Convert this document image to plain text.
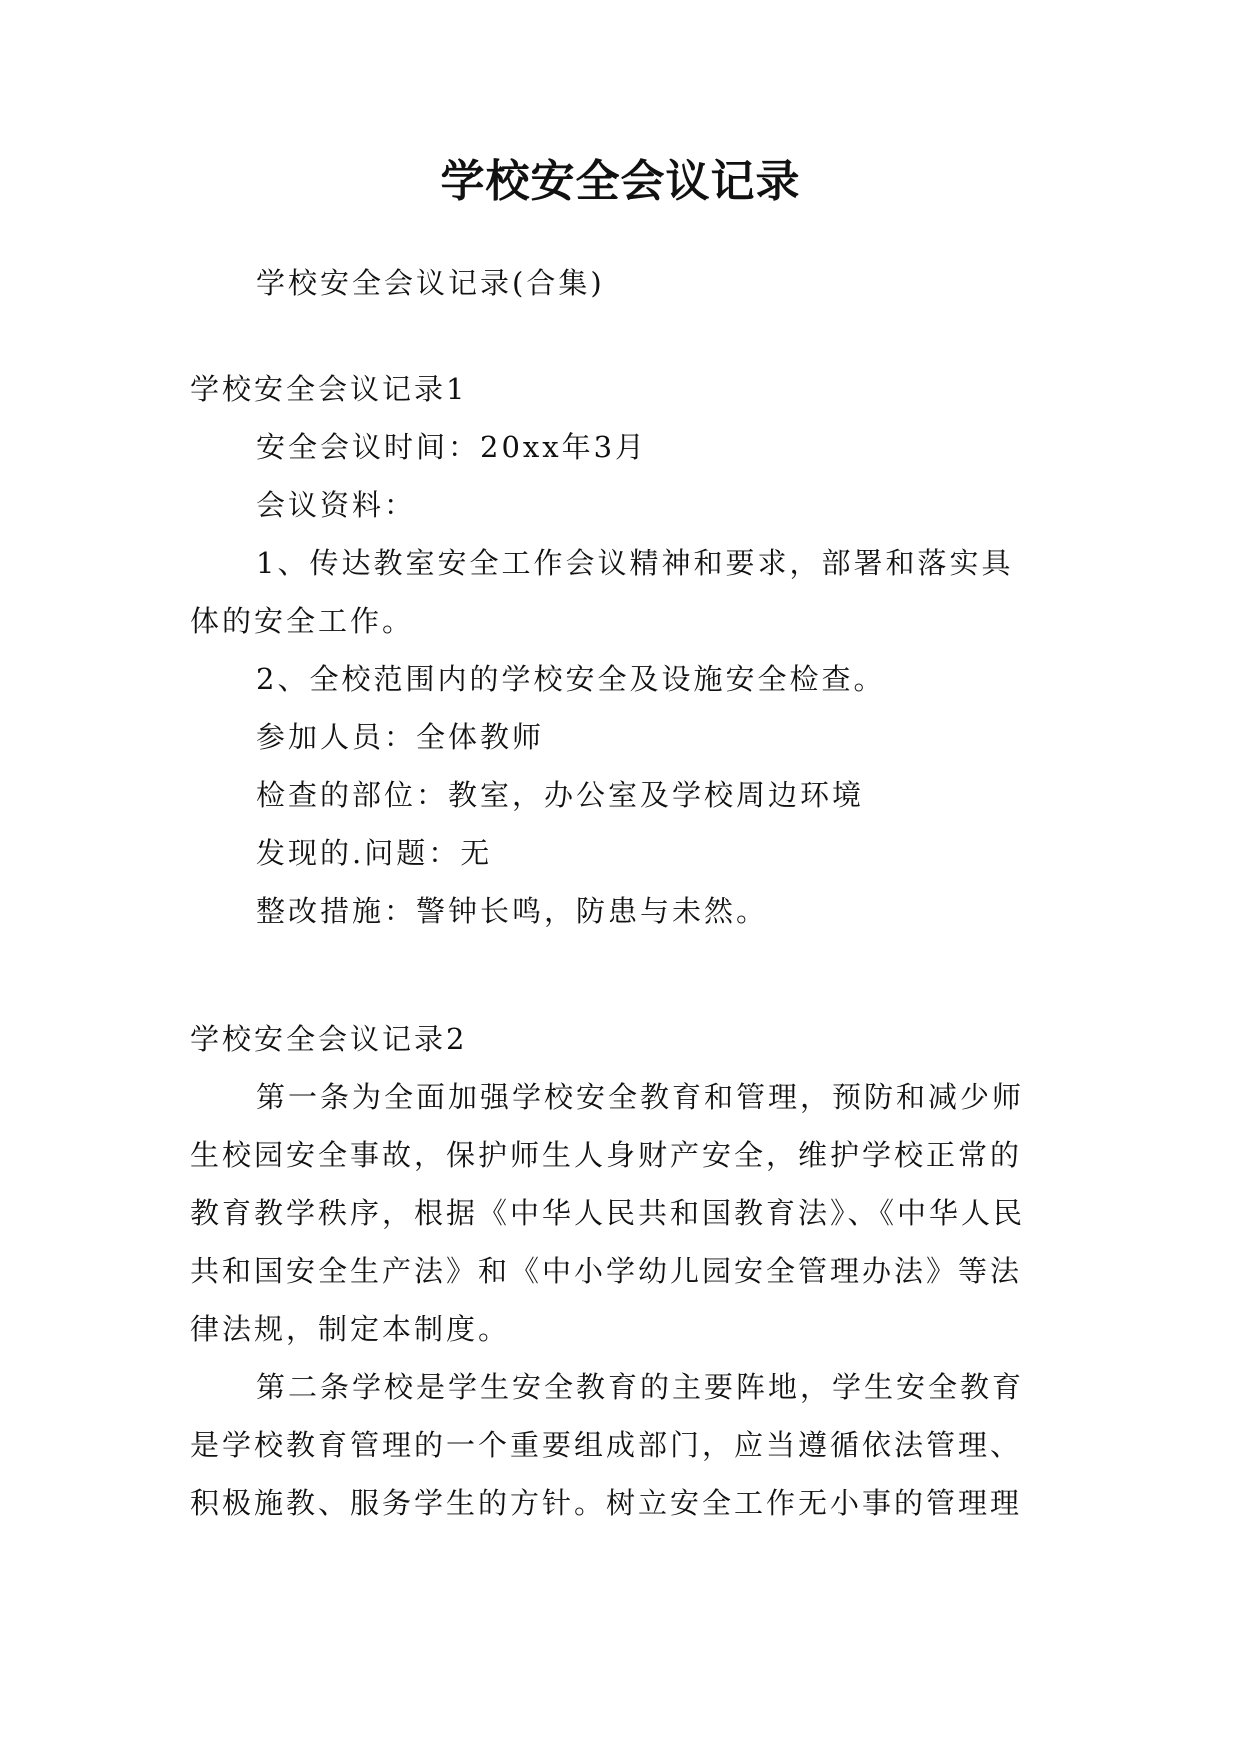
学校安全会议记录
学校安全会议记录(合集)
学校安全会议记录1
安全会议时间：20xx年3月
会议资料：
1、传达教室安全工作会议精神和要求，部署和落实具
体的安全工作。
2、全校范围内的学校安全及设施安全检查。
参加人员：全体教师
检查的部位：教室，办公室及学校周边环境
发现的.问题：无
整改措施：警钟长鸣，防患与未然。
学校安全会议记录2
第一条为全面加强学校安全教育和管理，预防和减少师
生校园安全事故，保护师生人身财产安全，维护学校正常的
教育教学秩序，根据《中华人民共和国教育法》、《中华人民
共和国安全生产法》和《中小学幼儿园安全管理办法》等法
律法规，制定本制度。
第二条学校是学生安全教育的主要阵地，学生安全教育
是学校教育管理的一个重要组成部门，应当遵循依法管理、
积极施教、服务学生的方针。树立安全工作无小事的管理理
